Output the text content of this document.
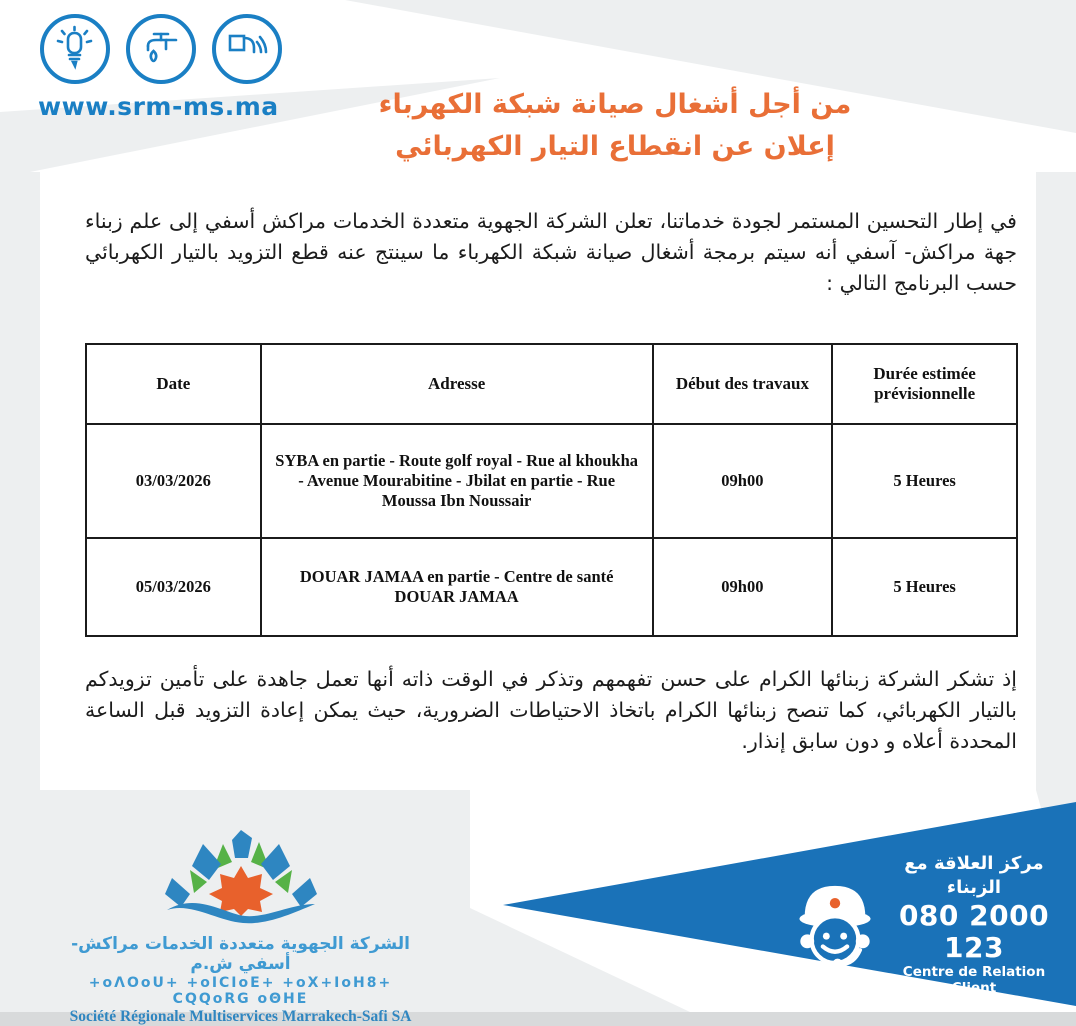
www.srm-ms.ma	من أجل أشغال صيانة شبكة الكهرباء
إعلان عن انقطاع التيار الكهربائي
في إطار التحسين المستمر لجودة خدماتنا، تعلن الشركة الجهوية متعددة الخدمات مراكش أسفي إلى علم زبناء جهة مراكش- آسفي أنه سيتم برمجة أشغال صيانة شبكة الكهرباء ما سينتج عنه قطع التزويد بالتيار الكهربائي حسب البرنامج التالي :
Date	Adresse	Début des travaux	Durée estimée prévisionnelle
03/03/2026	SYBA en partie - Route golf royal - Rue al khoukha - Avenue Mourabitine - Jbilat en partie - Rue Moussa Ibn Noussair	09h00	5 Heures
05/03/2026	DOUAR JAMAA en partie - Centre de santé DOUAR JAMAA	09h00	5 Heures
إذ تشكر الشركة زبنائها الكرام على حسن تفهمهم وتذكر في الوقت ذاته أنها تعمل جاهدة على تأمين تزويدكم بالتيار الكهربائي، كما تنصح زبنائها الكرام باتخاذ الاحتياطات الضرورية، حيث يمكن إعادة التزويد قبل الساعة المحددة أعلاه و دون سابق إنذار.
الشركة الجهوية متعددة الخدمات مراكش- أسفي ش.م
+oΛOoU+ +oICIoE+ +oX+IoH8+ CQQoRG oΘHE
Société Régionale Multiservices Marrakech-Safi SA
مركز العلاقة مع الزبناء
080 2000 123
Centre de Relation Client
